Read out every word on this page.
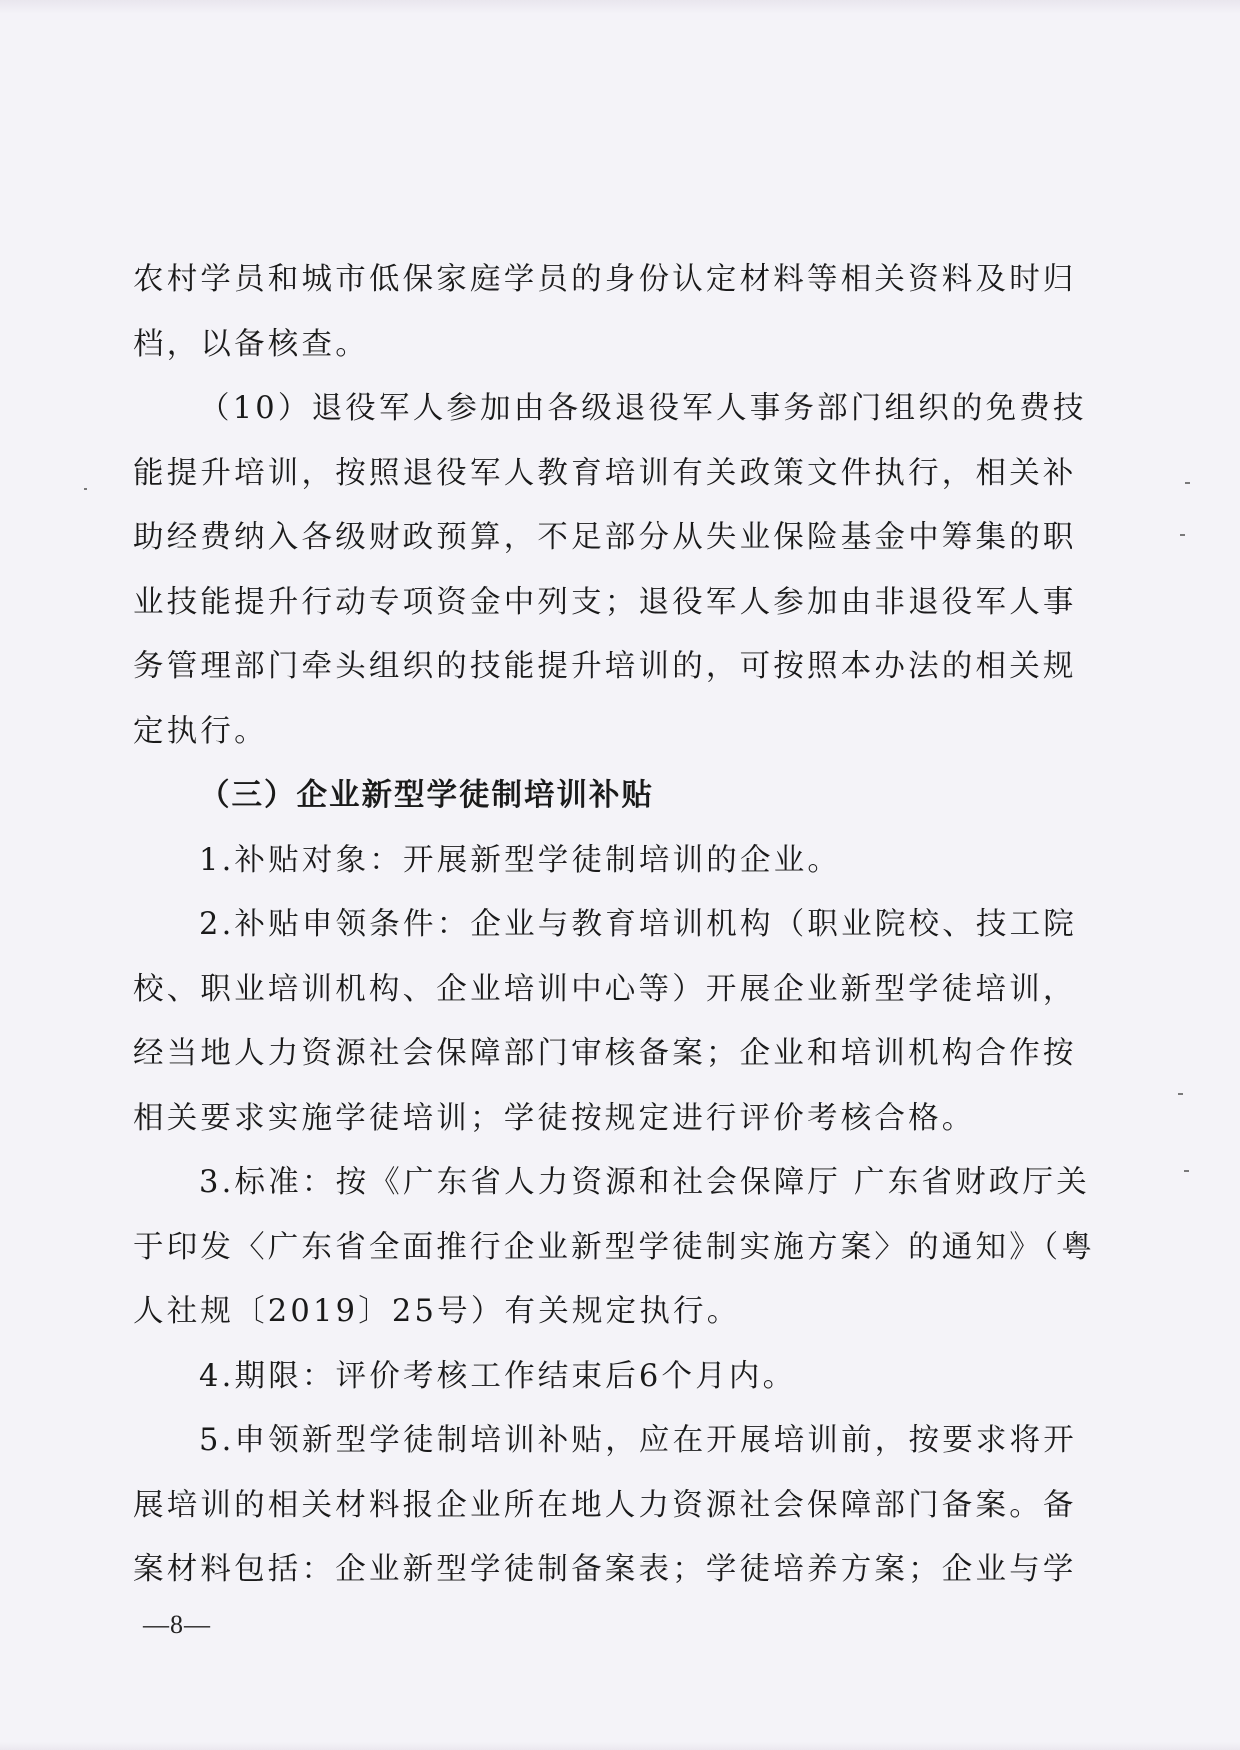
农村学员和城市低保家庭学员的身份认定材料等相关资料及时归
档，以备核查。
（10）退役军人参加由各级退役军人事务部门组织的免费技
能提升培训，按照退役军人教育培训有关政策文件执行，相关补
助经费纳入各级财政预算，不足部分从失业保险基金中筹集的职
业技能提升行动专项资金中列支；退役军人参加由非退役军人事
务管理部门牵头组织的技能提升培训的，可按照本办法的相关规
定执行。
（三）企业新型学徒制培训补贴
1.补贴对象：开展新型学徒制培训的企业。
2.补贴申领条件：企业与教育培训机构（职业院校、技工院
校、职业培训机构、企业培训中心等）开展企业新型学徒培训，
经当地人力资源社会保障部门审核备案；企业和培训机构合作按
相关要求实施学徒培训；学徒按规定进行评价考核合格。
3.标准：按《广东省人力资源和社会保障厅 广东省财政厅关
于印发〈广东省全面推行企业新型学徒制实施方案〉的通知》（粤
人社规〔2019〕25号）有关规定执行。
4.期限：评价考核工作结束后6个月内。
5.申领新型学徒制培训补贴，应在开展培训前，按要求将开
展培训的相关材料报企业所在地人力资源社会保障部门备案。备
案材料包括：企业新型学徒制备案表；学徒培养方案；企业与学
—8—
